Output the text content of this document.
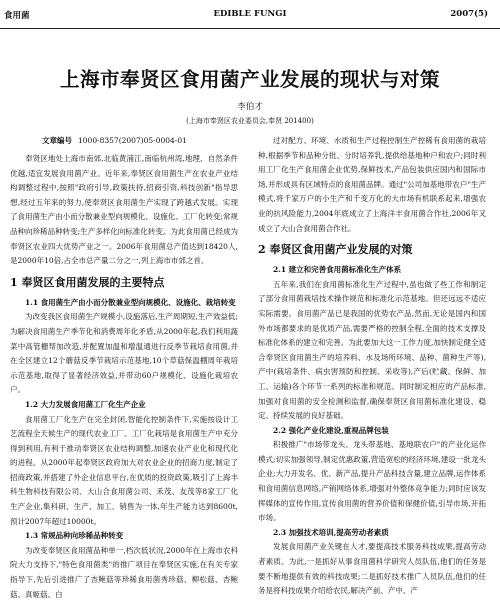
食用菌	EDIBLE FUNGI	2007(5)
上海市奉贤区食用菌产业发展的现状与对策
李伯才
(上海市奉贤区农业委员会,奉贤 201400)
文章编号 1000-8357(2007)05-0004-01

奉贤区地处上海市南郊,北临黄浦江,南临杭州湾,地理、自然条件优越,适宜发展食用菌产业。近年来,奉贤区食用菌生产在农业产业结构调整过程中,按照"政府引导,政策扶持,招商引资,科技创新"指导思想,经过五年来的努力,使奉贤区食用菌生产实现了跨越式发展。实现了食用菌生产由小而分散兼业型向规模化、设施化、工厂化转变;常规品种向珍稀品种转变;生产多样化向标准化转变。为此食用菌已经成为奉贤区农业四大优势产业之一。2006年食用菌总产值达到18420人,是2000年10倍,占全市总产量二分之一,列上海市市郊之首。

1 奉贤区食用菌发展的主要特点
1.1 食用菌生产由小而分散兼业型向规模化、设施化、栽培转变

为改变我区食用菌生产规模小,设施落后,生产周期短,生产效益低;为解决食用菌生产季节化和消费周年化矛盾,从2000年起,我们利用蔬菜中高管栅帮加改造,并配置加温和增温通进行反季节栽培食用菌,并在全区建立12个蘑菇反季节栽培示范基地,10个草菇保温棚周年栽培示范基地,取得了显著经济效益,并带动60户规模化、设施化栽培农户。

1.2 大力发展食用菌工厂化生产企业

食用菌工厂化生产在完全封闭,智能化控制条件下,实施按设计工艺流程全天候生产的现代农业工厂。工厂化栽培是食用菌生产中充分得到利用,有利于推动奉贤区农业结构调整,加速农业产业化和现代化的进程。从2000年起奉贤区政府加大对农业企业的招商力度,制定了招商政策,并搭建了外企业信息平台,在优质的投资政策,吸引了上海丰科生物科技有限公司、大山合食用菌公司、禾茂、友茂等8家工厂化生产企业,集科研、生产、加工、销售为一体,年生产能力达到8600t,预计2007年超过10000t。

1.3 常规品种向珍稀品种转变

为改变奉贤区食用菌品种单一,档次低状况,2000年在上海市农科院大力支持下,"特色食用菌类"的推广项目在奉贤区实施,在有关专家指导下,先后引进推广了杏鲍菇等珍稀食用菌秀珍菇、柳松菇、杏鲍菇、真姬菇、白

过对配方、环境、水质和生产过程控制生产控稀有食用菌的栽培种,根据季节和品种分批、分时培养乳,提供给基地种户和农户;同时利用工厂化生产食用菌企业优势,保鲜技术,产品包装供应国内和国际市场,并形成具有区域特点的食用菌品牌。通过"公司加基地带农户"生产模式,将千家万户的小生产和千变万化的大市场有机联系起来,增强农业的抗风险能力,2004年底成立了上海洋丰食用菌合作社,2006年又成立了大山合食用菌合作社。

2 奉贤区食用菌产业发展的对策
2.1 建立和完善食用菌标准化生产体系

五年来,我们在食用菌标准化生产过程中,虽也做了些工作和制定了部分食用菌栽培技术操作规范和标准化示范基地。但还远远不适应实际需要。食用菌产品已是我国的优势农产品,然而,无论是国内和国外市场都要求的是优质产品,需要严格的控制全程,全面的技术支撑及标准化体系的建立和完善。为此要加大这一工作力度,加快制定健全适合奉贤区食用菌生产的培养料、水及场所环境、品种、菌种生产等),产中(栽培条件、病虫害预防和控制、采收等),产后(贮藏、保鲜、加工、运输)各个环节一系列的标准和规范。同时制定相应的产品标准,加强对食用菌的安全检测和监督,确保奉贤区食用菌标准化建设、稳定、持续发展的良好基础。

2.2 强化产业化建设,重视品牌包装

积极推广"市场带龙头、龙头带基地、基地联农户"的产业化运作模式;切实加强领导,制定优惠政策,营造宽松的经济环境,建设一批龙头企业;大力开发名、优、新产品,提升产品科技含量,建立品牌,运作体系和食用菌信息网络,产销网络体系,增强对外整体竞争能力;同时应该发挥媒体的宣传作用,宣传食用菌的营养价值和保健价值,引导市场,开拓市场。

2.3 加强技术培训,提高劳动者素质

发展食用菌产业关键在人才,要提高技术服务科技成果,提高劳动者素质。为此,一是抓好从事食用菌科学研究人员队伍,他们的任务是要不断地提供有效的科技成果;二是抓好技术推广人员队伍,他们的任务是将科技成果介绍给农民,解决产前、产中、产
